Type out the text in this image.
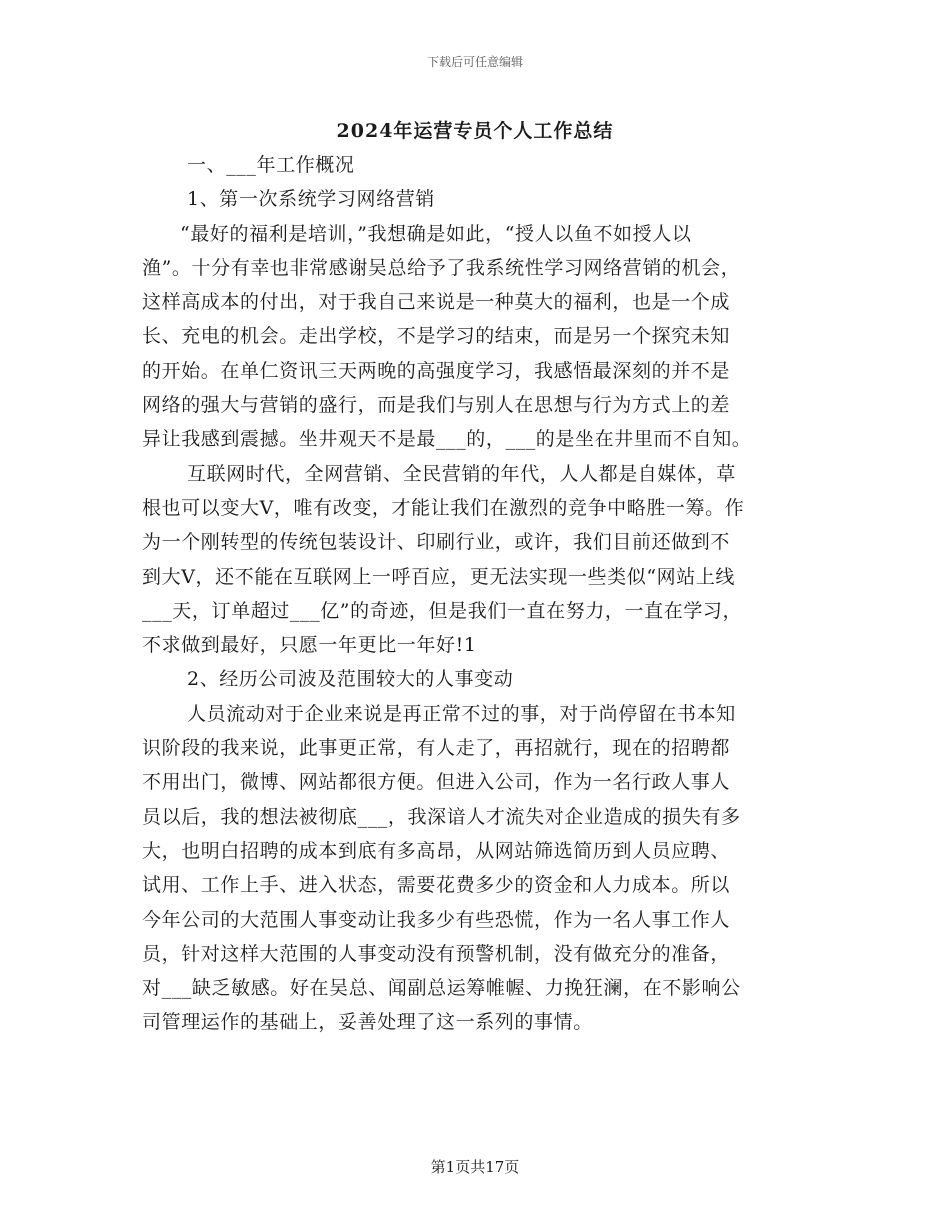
下载后可任意编辑
2024年运营专员个人工作总结
一、___年工作概况
1、第一次系统学习网络营销
“最好的福利是培训，”我想确是如此，“授人以鱼不如授人以
渔”。十分有幸也非常感谢吴总给予了我系统性学习网络营销的机会，
这样高成本的付出，对于我自己来说是一种莫大的福利，也是一个成
长、充电的机会。走出学校，不是学习的结束，而是另一个探究未知
的开始。在单仁资讯三天两晚的高强度学习，我感悟最深刻的并不是
网络的强大与营销的盛行，而是我们与别人在思想与行为方式上的差
异让我感到震撼。坐井观天不是最___的，___的是坐在井里而不自知。
互联网时代，全网营销、全民营销的年代，人人都是自媒体，草
根也可以变大V，唯有改变，才能让我们在激烈的竞争中略胜一筹。作
为一个刚转型的传统包装设计、印刷行业，或许，我们目前还做到不
到大V，还不能在互联网上一呼百应，更无法实现一些类似“网站上线
___天，订单超过___亿”的奇迹，但是我们一直在努力，一直在学习，
不求做到最好，只愿一年更比一年好!1
2、经历公司波及范围较大的人事变动
人员流动对于企业来说是再正常不过的事，对于尚停留在书本知
识阶段的我来说，此事更正常，有人走了，再招就行，现在的招聘都
不用出门，微博、网站都很方便。但进入公司，作为一名行政人事人
员以后，我的想法被彻底___，我深谙人才流失对企业造成的损失有多
大，也明白招聘的成本到底有多高昂，从网站筛选简历到人员应聘、
试用、工作上手、进入状态，需要花费多少的资金和人力成本。所以
今年公司的大范围人事变动让我多少有些恐慌，作为一名人事工作人
员，针对这样大范围的人事变动没有预警机制，没有做充分的准备，
对___缺乏敏感。好在吴总、闻副总运筹帷幄、力挽狂澜，在不影响公
司管理运作的基础上，妥善处理了这一系列的事情。
第1页共17页
